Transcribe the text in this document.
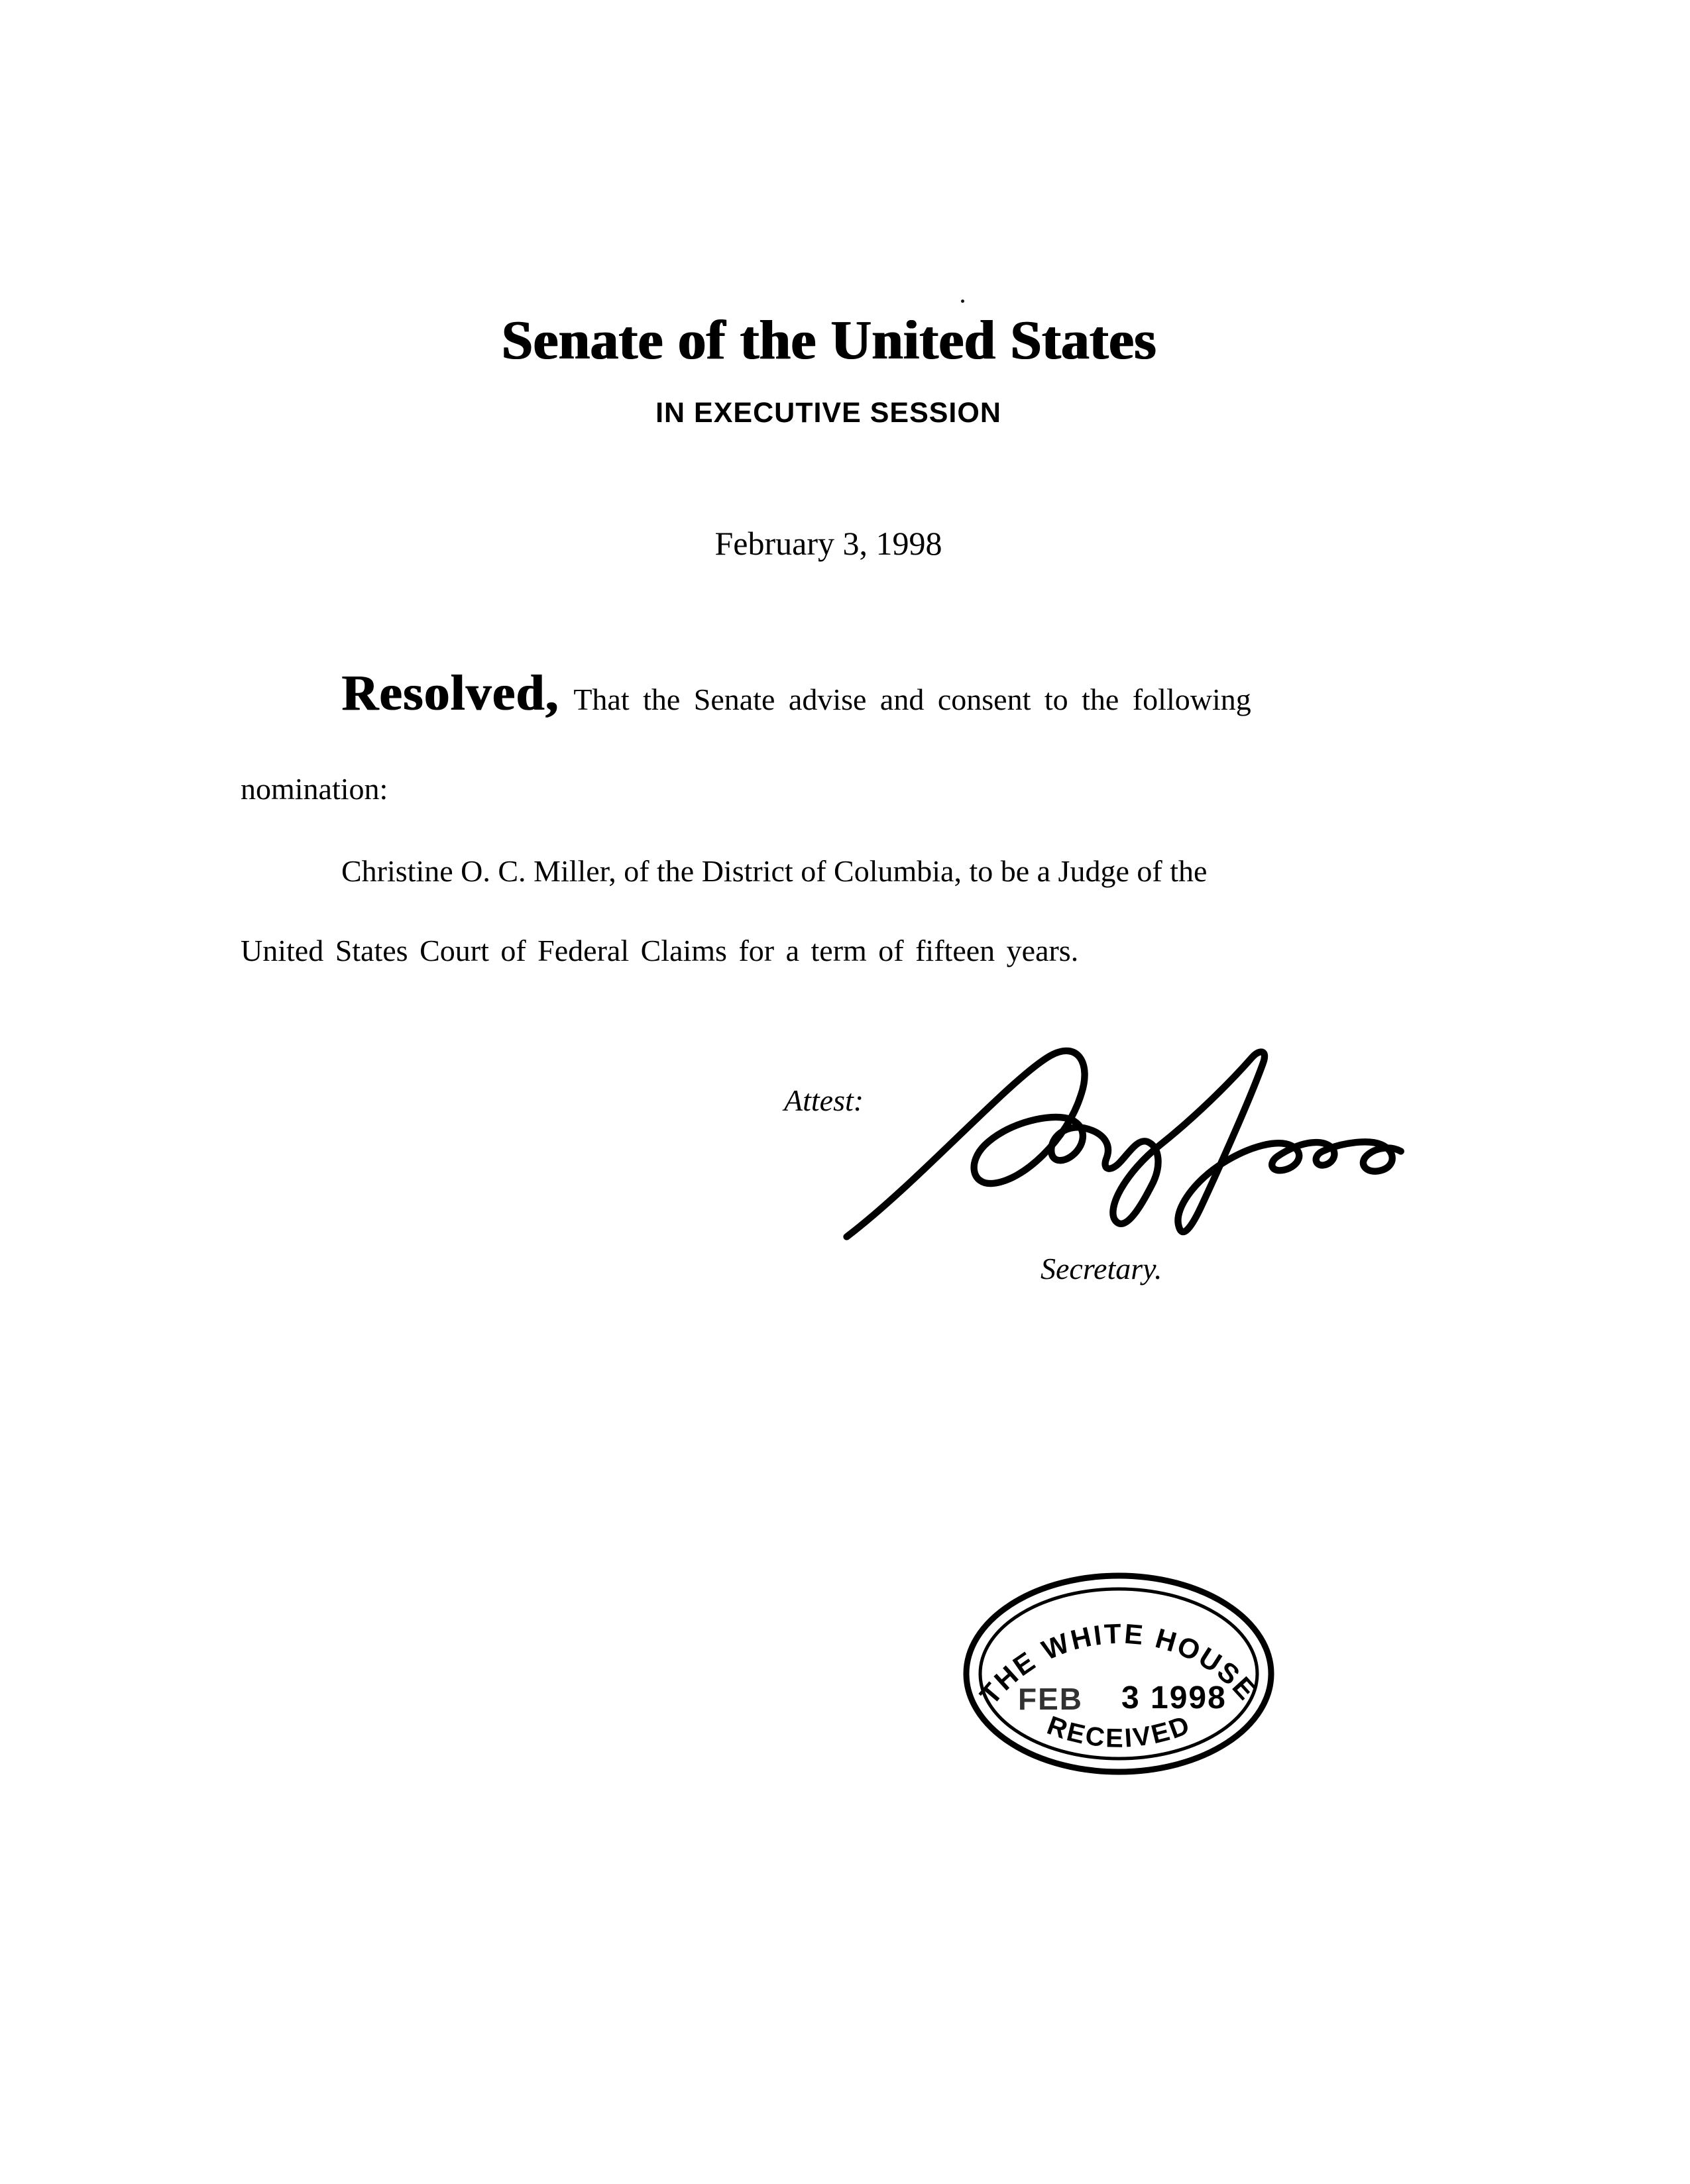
Senate of the United States
IN EXECUTIVE SESSION
February 3, 1998

Resolved, That the Senate advise and consent to the following

nomination:

Christine O. C. Miller, of the District of Columbia, to be a Judge of the

United States Court of Federal Claims for a term of fifteen years.

Attest:
Secretary.
THE WHITE HOUSE
FEB 3 1998
RECEIVED
